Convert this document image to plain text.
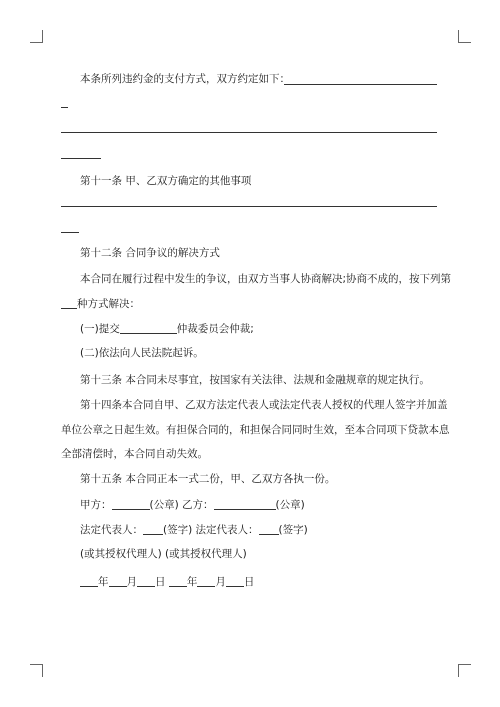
本条所列违约金的支付方式，双方约定如下：
第十一条 甲、乙双方确定的其他事项
第十二条 合同争议的解决方式
本合同在履行过程中发生的争议，由双方当事人协商解决;协商不成的，按下列第
种方式解决：
(一)提交	仲裁委员会仲裁;
(二)依法向人民法院起诉。
第十三条 本合同未尽事宜，按国家有关法律、法规和金融规章的规定执行。
第十四条本合同自甲、乙双方法定代表人或法定代表人授权的代理人签字并加盖
单位公章之日起生效。有担保合同的，和担保合同同时生效，至本合同项下贷款本息
全部清偿时，本合同自动失效。
第十五条 本合同正本一式二份，甲、乙双方各执一份。
甲方：	(公章) 乙方：	(公章)
法定代表人： (签字) 法定代表人： (签字)
(或其授权代理人) (或其授权代理人)
年 月 日 年 月 日
